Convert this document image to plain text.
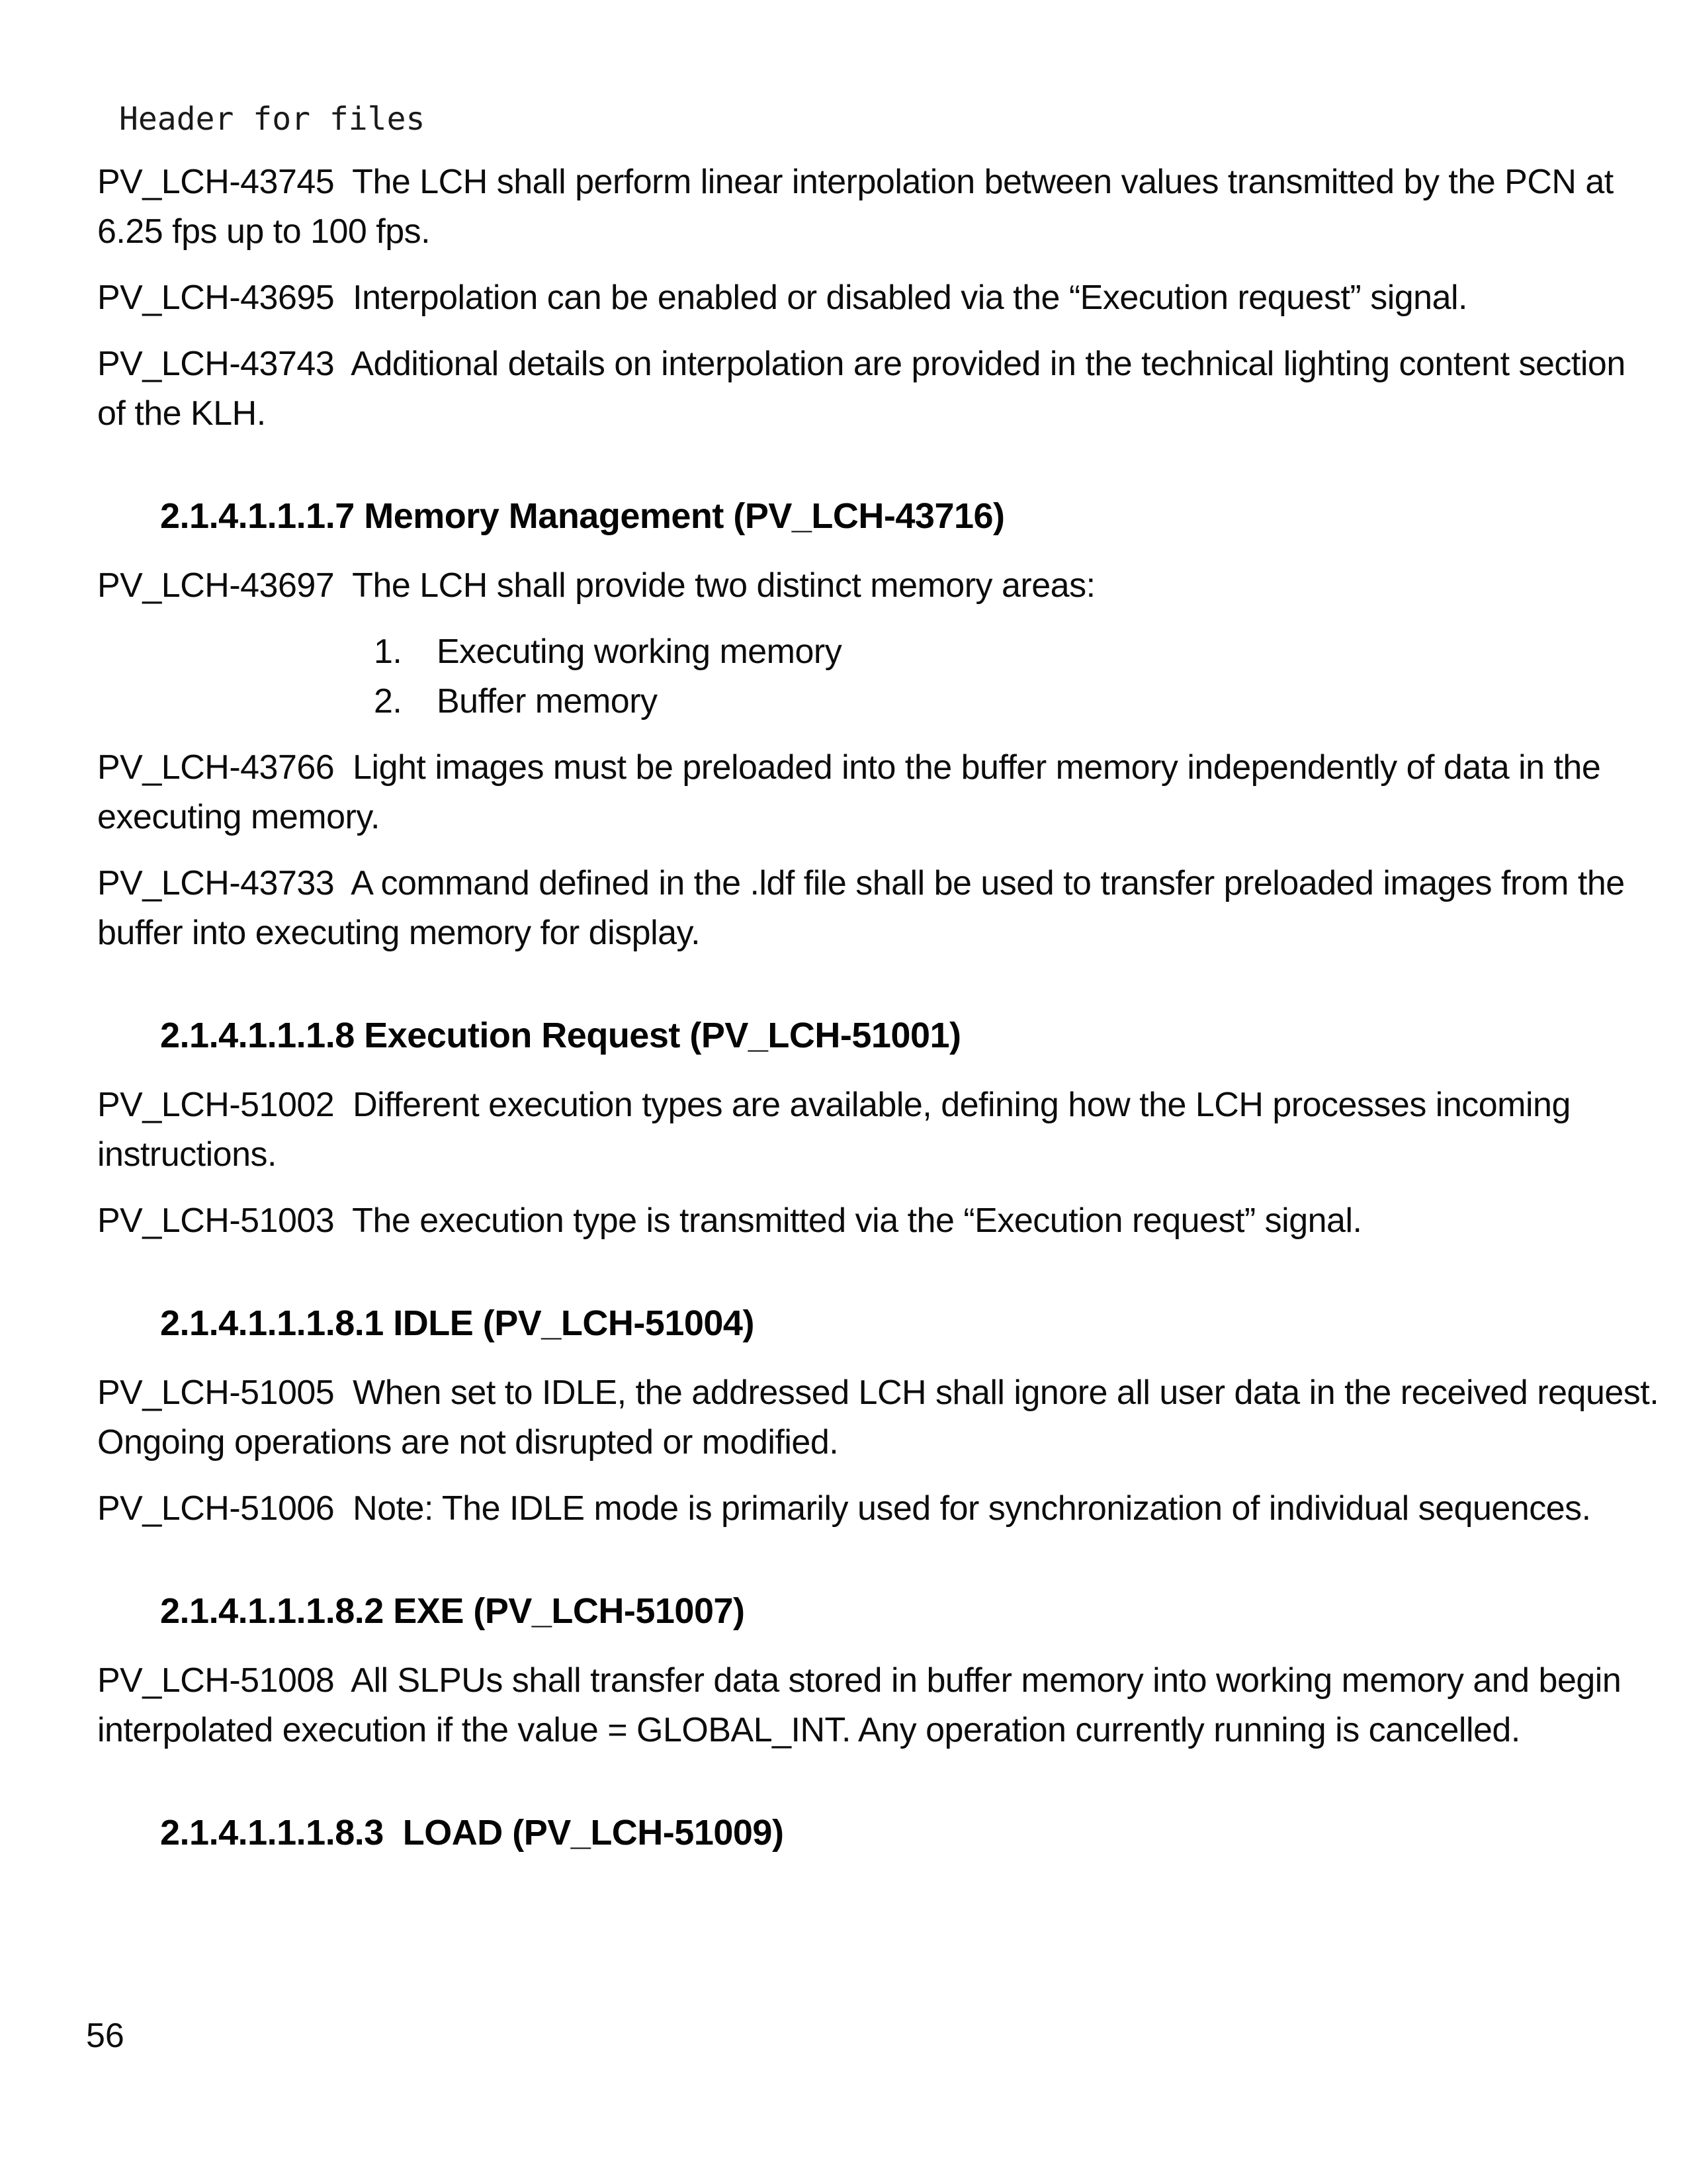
Header for files
PV_LCH-43745  The LCH shall perform linear interpolation between values transmitted by the PCN at
6.25 fps up to 100 fps.
PV_LCH-43695  Interpolation can be enabled or disabled via the “Execution request” signal.
PV_LCH-43743  Additional details on interpolation are provided in the technical lighting content section
of the KLH.
2.1.4.1.1.1.7 Memory Management (PV_LCH-43716)
PV_LCH-43697  The LCH shall provide two distinct memory areas:
1.	Executing working memory
2.	Buffer memory
PV_LCH-43766  Light images must be preloaded into the buffer memory independently of data in the
executing memory.
PV_LCH-43733  A command defined in the .ldf file shall be used to transfer preloaded images from the
buffer into executing memory for display.
2.1.4.1.1.1.8 Execution Request (PV_LCH-51001)
PV_LCH-51002  Different execution types are available, defining how the LCH processes incoming
instructions.
PV_LCH-51003  The execution type is transmitted via the “Execution request” signal.
2.1.4.1.1.1.8.1 IDLE (PV_LCH-51004)
PV_LCH-51005  When set to IDLE, the addressed LCH shall ignore all user data in the received request.
Ongoing operations are not disrupted or modified.
PV_LCH-51006  Note: The IDLE mode is primarily used for synchronization of individual sequences.
2.1.4.1.1.1.8.2 EXE (PV_LCH-51007)
PV_LCH-51008  All SLPUs shall transfer data stored in buffer memory into working memory and begin
interpolated execution if the value = GLOBAL_INT. Any operation currently running is cancelled.
2.1.4.1.1.1.8.3  LOAD (PV_LCH-51009)
56
